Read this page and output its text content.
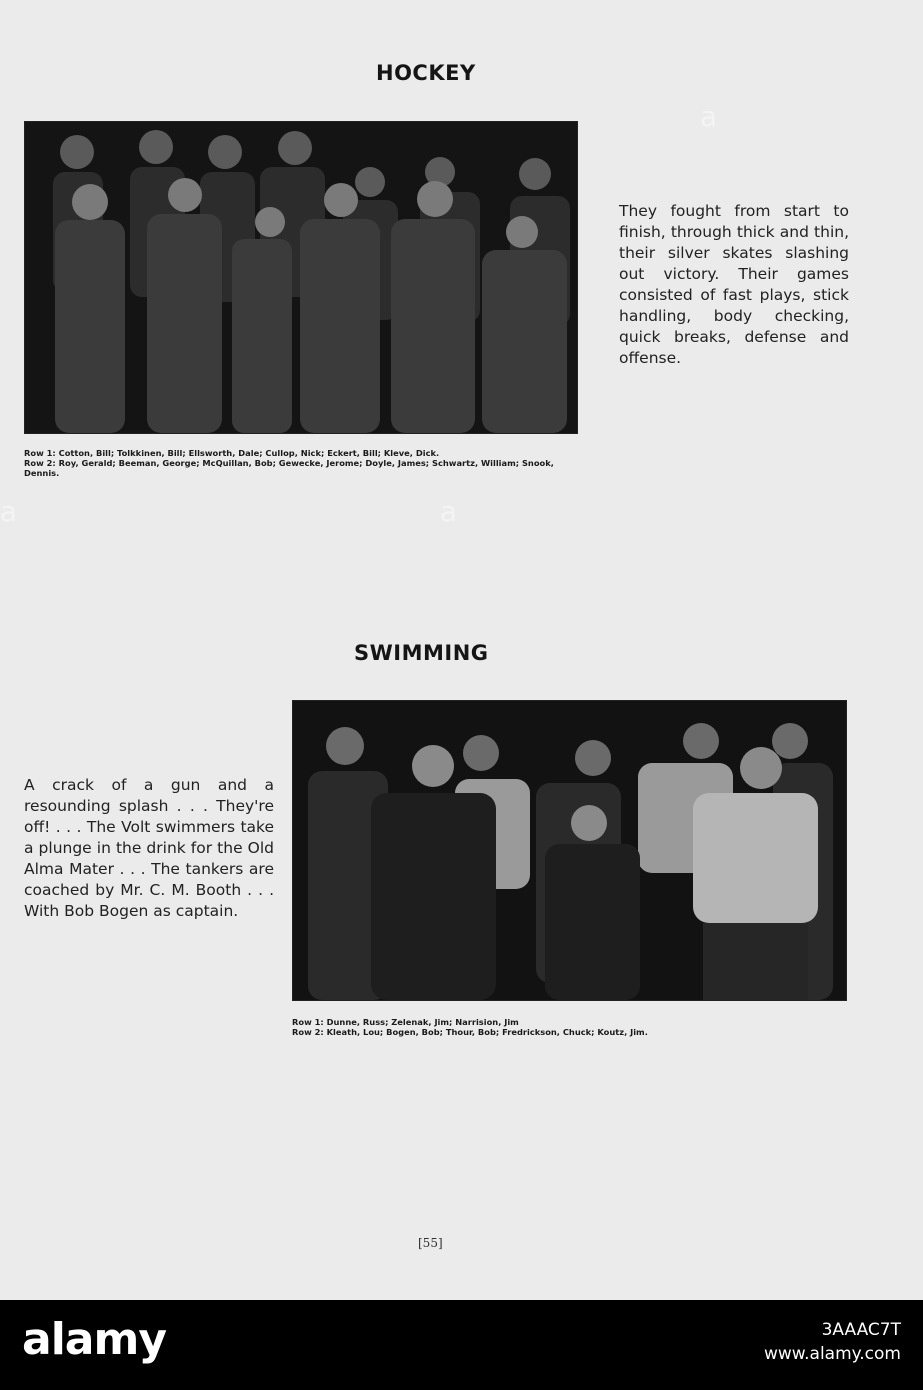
HOCKEY
Row 1: Cotton, Bill; Tolkkinen, Bill; Ellsworth, Dale; Cullop, Nick; Eckert, Bill; Kleve, Dick.
Row 2: Roy, Gerald; Beeman, George; McQuillan, Bob; Gewecke, Jerome; Doyle, James; Schwartz, William; Snook, Dennis.
They fought from start to finish, through thick and thin, their silver skates slashing out victory. Their games consisted of fast plays, stick handling, body checking, quick breaks, defense and offense.
SWIMMING
A crack of a gun and a resounding splash . . . They're off! . . . The Volt swimmers take a plunge in the drink for the Old Alma Mater . . . The tankers are coached by Mr. C. M. Booth . . . With Bob Bogen as captain.
Row 1: Dunne, Russ; Zelenak, Jim; Narrision, Jim
Row 2: Kleath, Lou; Bogen, Bob; Thour, Bob; Fredrickson, Chuck; Koutz, Jim.
[55]
a
a	a
alamy	3AAAC7T
www.alamy.com
